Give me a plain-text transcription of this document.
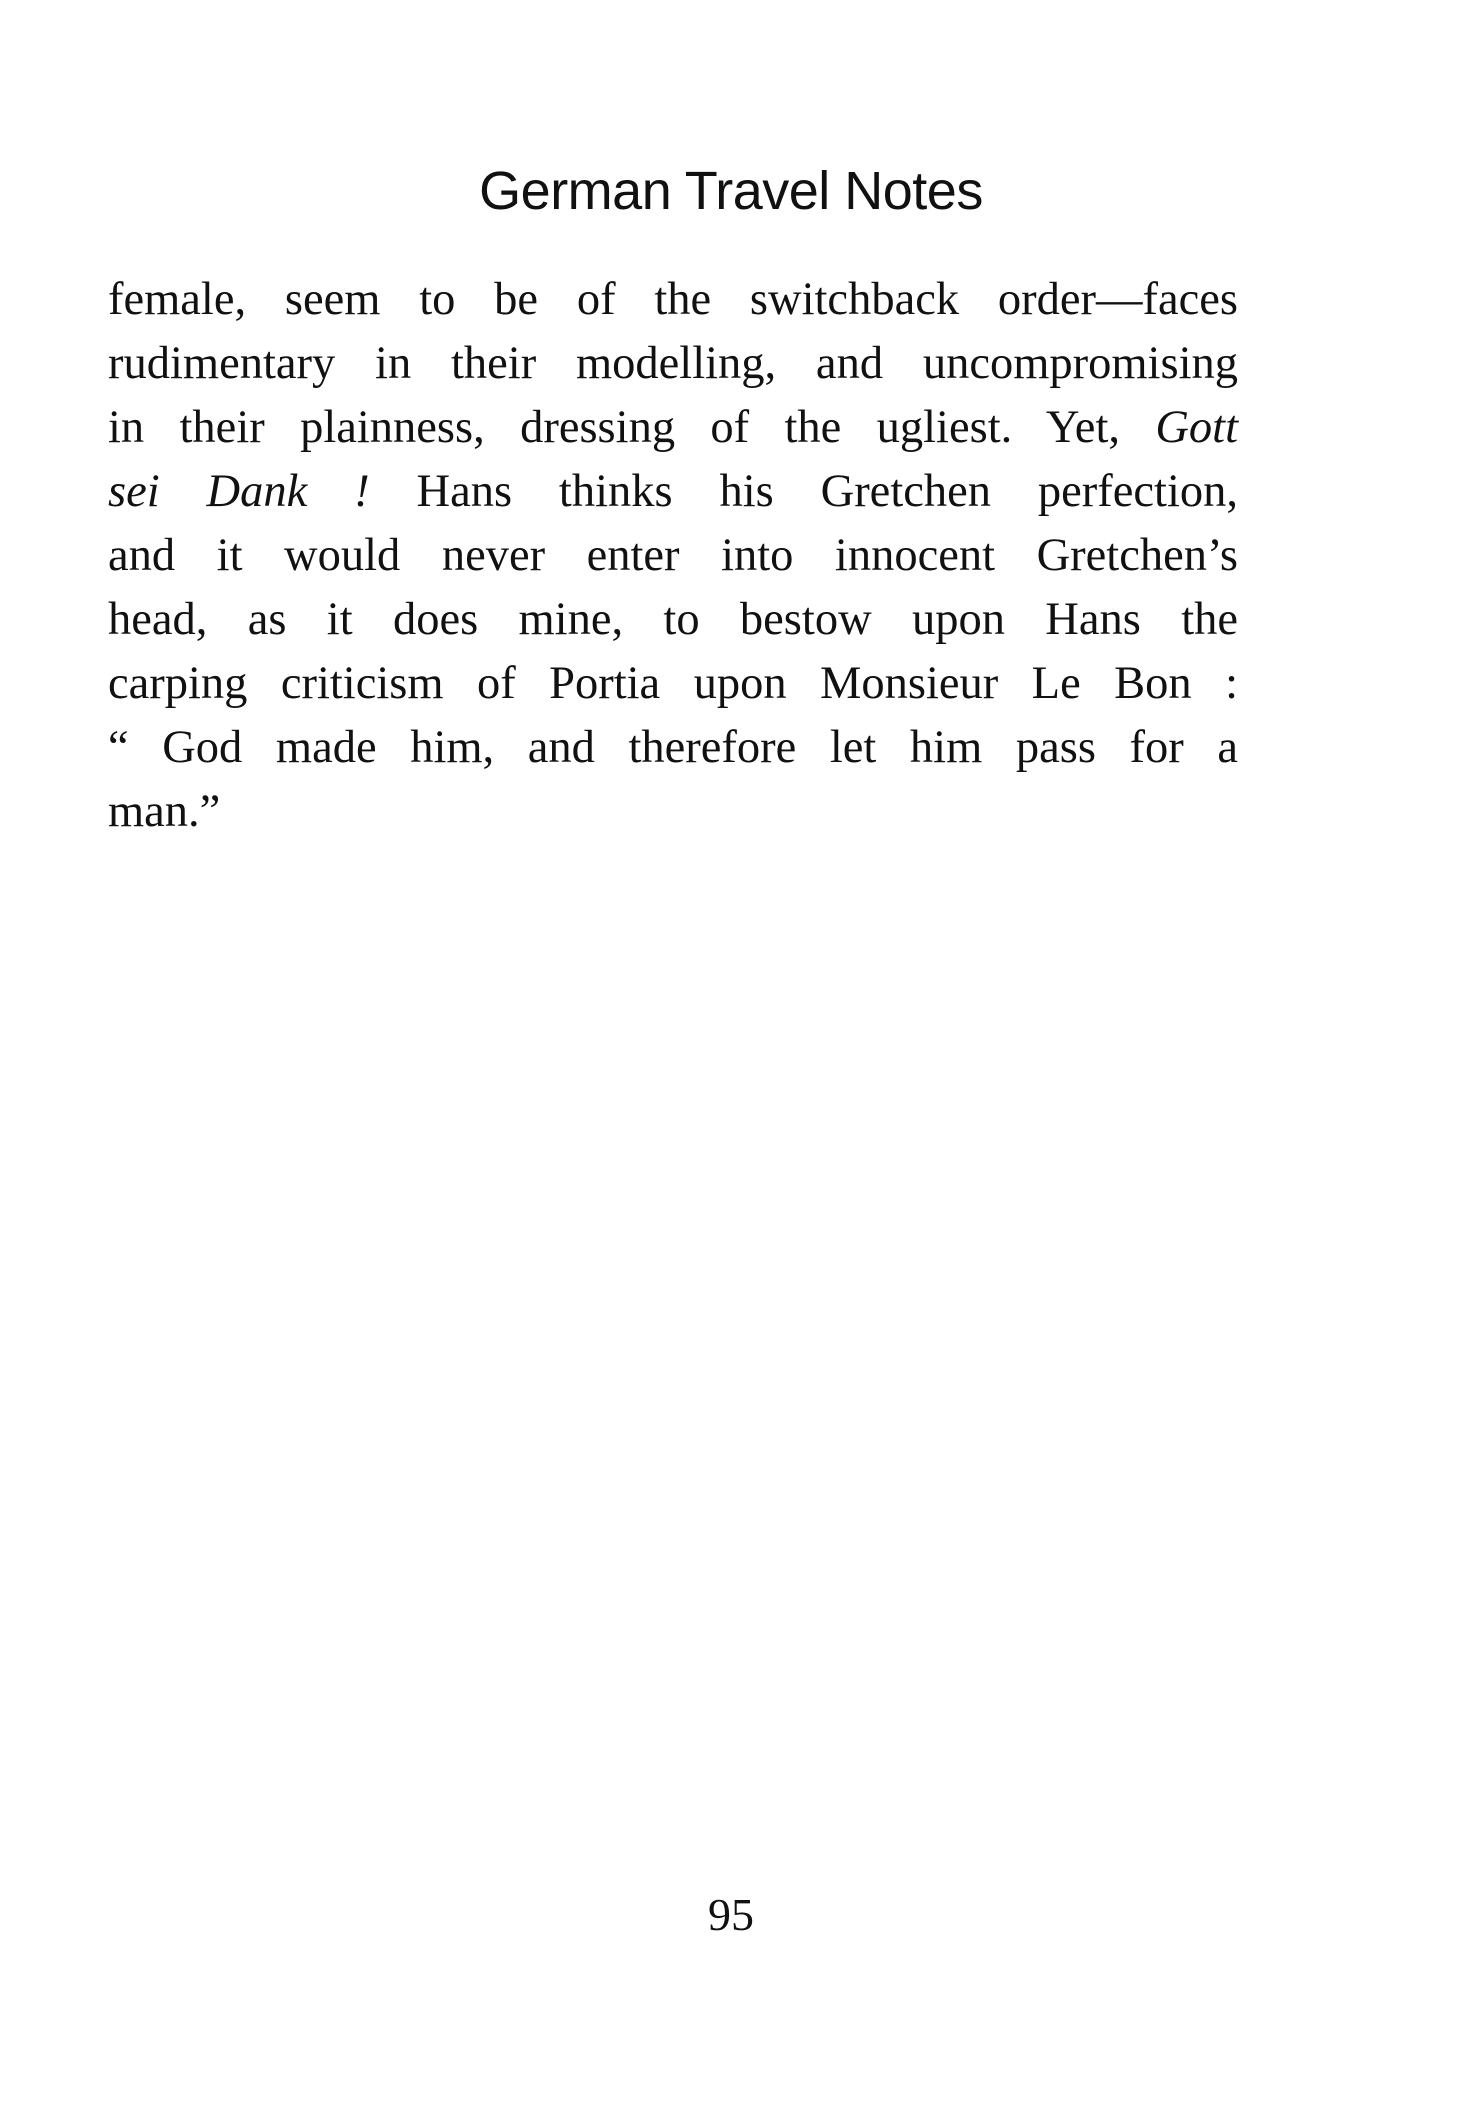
German Travel Notes
female, seem to be of the switchback order—faces
rudimentary in their modelling, and uncompromising
in their plainness, dressing of the ugliest. Yet, Gott
sei Dank ! Hans thinks his Gretchen perfection,
and it would never enter into innocent Gretchen’s
head, as it does mine, to bestow upon Hans the
carping criticism of Portia upon Monsieur Le Bon :
“ God made him, and therefore let him pass for a
man.”
95
